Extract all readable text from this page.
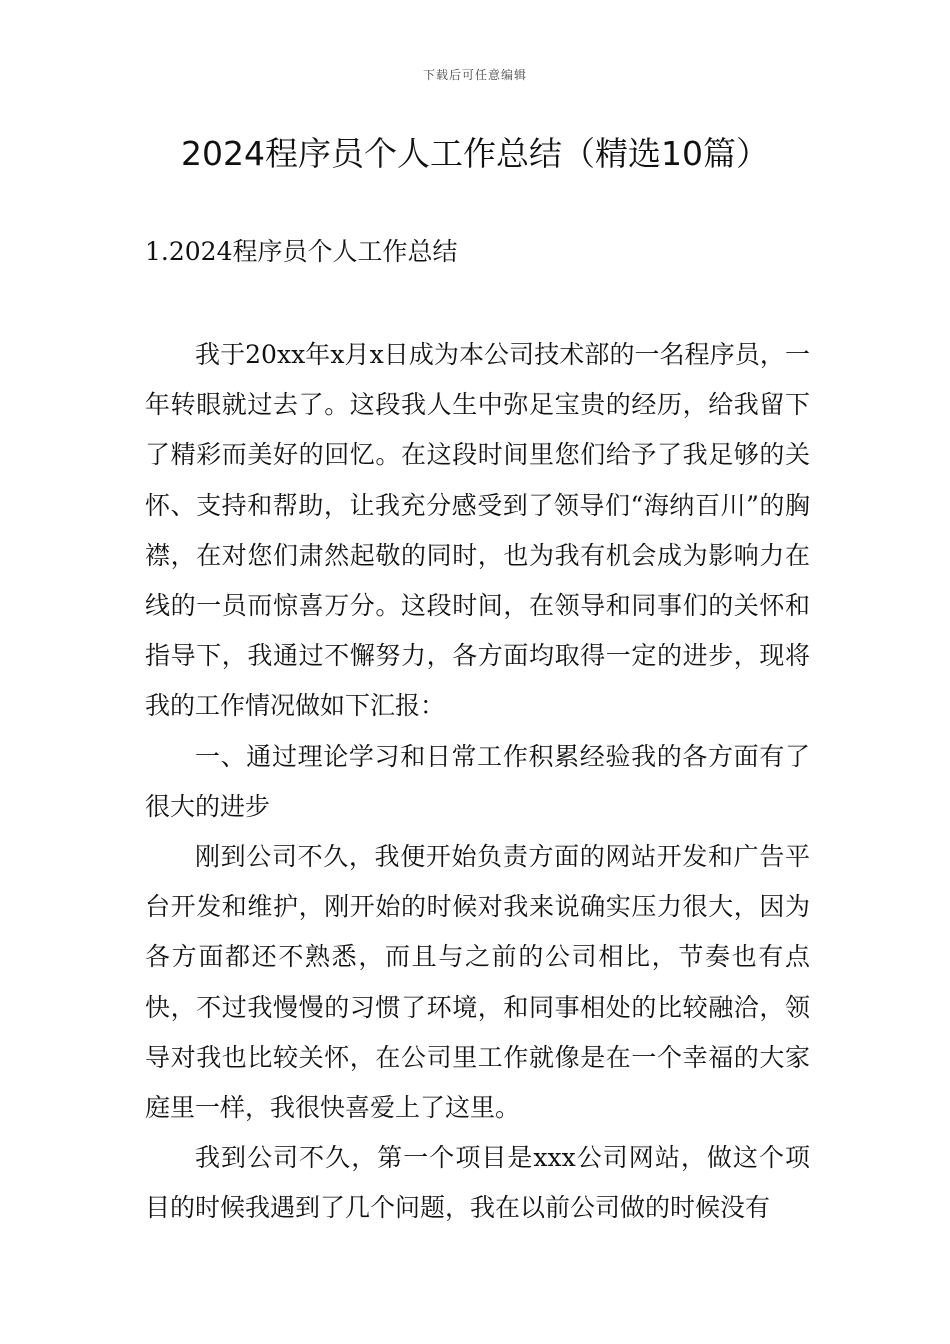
下载后可任意编辑
2024程序员个人工作总结（精选10篇）
1.2024程序员个人工作总结

我于20xx年x月x日成为本公司技术部的一名程序员，一年转眼就过去了。这段我人生中弥足宝贵的经历，给我留下了精彩而美好的回忆。在这段时间里您们给予了我足够的关怀、支持和帮助，让我充分感受到了领导们“海纳百川”的胸襟，在对您们肃然起敬的同时，也为我有机会成为影响力在线的一员而惊喜万分。这段时间，在领导和同事们的关怀和指导下，我通过不懈努力，各方面均取得一定的进步，现将我的工作情况做如下汇报：

一、通过理论学习和日常工作积累经验我的各方面有了很大的进步

刚到公司不久，我便开始负责方面的网站开发和广告平台开发和维护，刚开始的时候对我来说确实压力很大，因为各方面都还不熟悉，而且与之前的公司相比，节奏也有点快，不过我慢慢的习惯了环境，和同事相处的比较融洽，领导对我也比较关怀，在公司里工作就像是在一个幸福的大家庭里一样，我很快喜爱上了这里。

我到公司不久，第一个项目是xxx公司网站，做这个项目的时候我遇到了几个问题，我在以前公司做的时候没有
